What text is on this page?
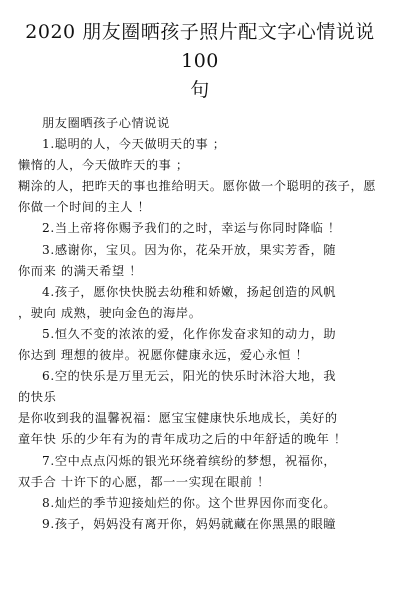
2020 朋友圈晒孩子照片配文字心情说说
100
句
朋友圈晒孩子心情说说
1.聪明的人，今天做明天的事 ；
懒惰的人，今天做昨天的事 ；
糊涂的人，把昨天的事也推给明天。愿你做一个聪明的孩子，愿
你做一个时间的主人 ！
2.当上帝将你赐予我们的之时，幸运与你同时降临 ！
3.感谢你，宝贝。因为你，花朵开放，果实芳香，随
你而来 的满天希望 ！
4.孩子，愿你快快脱去幼稚和娇嫩，扬起创造的风帆
，驶向 成熟，驶向金色的海岸。
5.恒久不变的浓浓的爱，化作你发奋求知的动力，助
你达到 理想的彼岸。祝愿你健康永远，爱心永恒 ！
6.空的快乐是万里无云，阳光的快乐时沐浴大地，我
的快乐
是你收到我的温馨祝福：愿宝宝健康快乐地成长，美好的
童年快 乐的少年有为的青年成功之后的中年舒适的晚年 ！
7.空中点点闪烁的银光环绕着缤纷的梦想，祝福你，
双手合 十许下的心愿，都一一实现在眼前 ！
8.灿烂的季节迎接灿烂的你。这个世界因你而变化。
9.孩子，妈妈没有离开你，妈妈就藏在你黑黑的眼瞳
